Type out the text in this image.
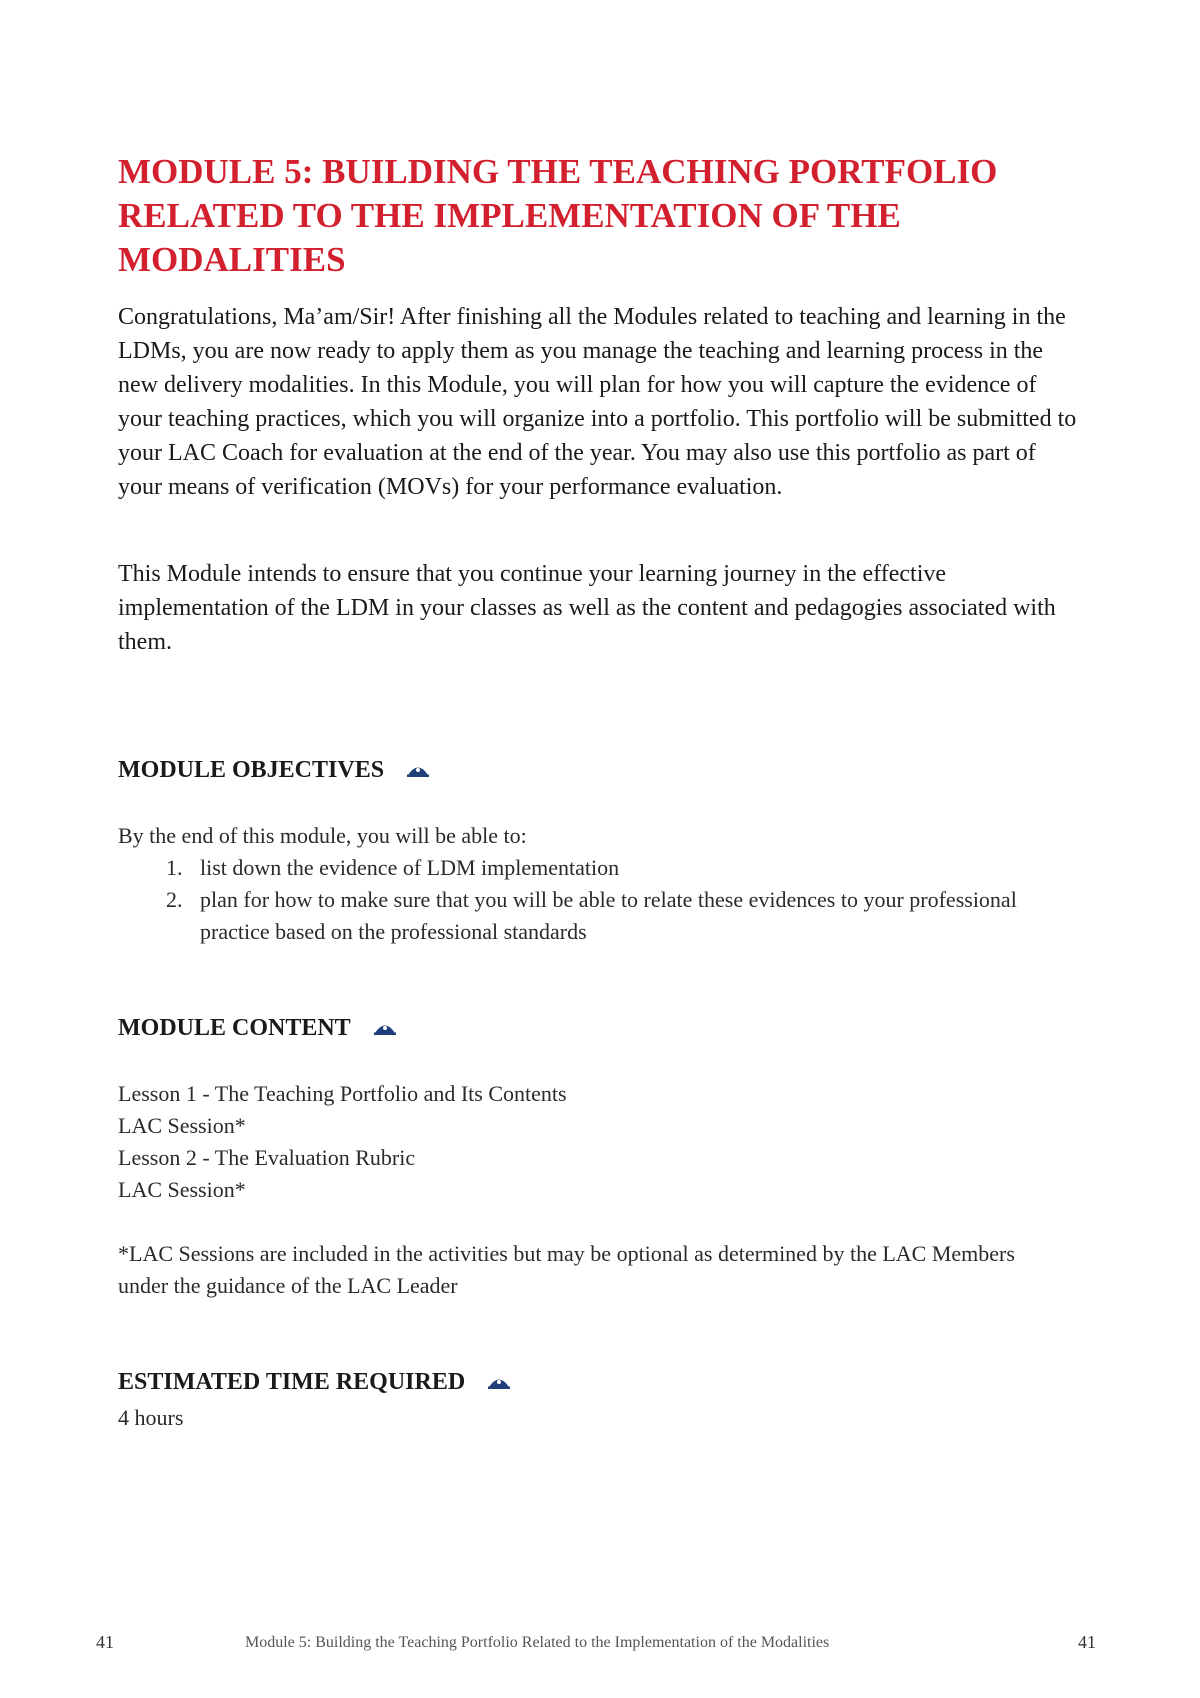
MODULE 5: BUILDING THE TEACHING PORTFOLIO RELATED TO THE IMPLEMENTATION OF THE MODALITIES

Congratulations, Ma’am/Sir! After finishing all the Modules related to teaching and learning in the LDMs, you are now ready to apply them as you manage the teaching and learning process in the new delivery modalities. In this Module, you will plan for how you will capture the evidence of your teaching practices, which you will organize into a portfolio. This portfolio will be submitted to your LAC Coach for evaluation at the end of the year. You may also use this portfolio as part of your means of verification (MOVs) for your performance evaluation.

This Module intends to ensure that you continue your learning journey in the effective implementation of the LDM in your classes as well as the content and pedagogies associated with them.

MODULE OBJECTIVES

By the end of this module, you will be able to:

1. list down the evidence of LDM implementation
2. plan for how to make sure that you will be able to relate these evidences to your professional practice based on the professional standards
MODULE CONTENT
Lesson 1 - The Teaching Portfolio and Its Contents
LAC Session*
Lesson 2 - The Evaluation Rubric
LAC Session*

*LAC Sessions are included in the activities but may be optional as determined by the LAC Members under the guidance of the LAC Leader

ESTIMATED TIME REQUIRED

4 hours

41	Module 5: Building the Teaching Portfolio Related to the Implementation of the Modalities	41
